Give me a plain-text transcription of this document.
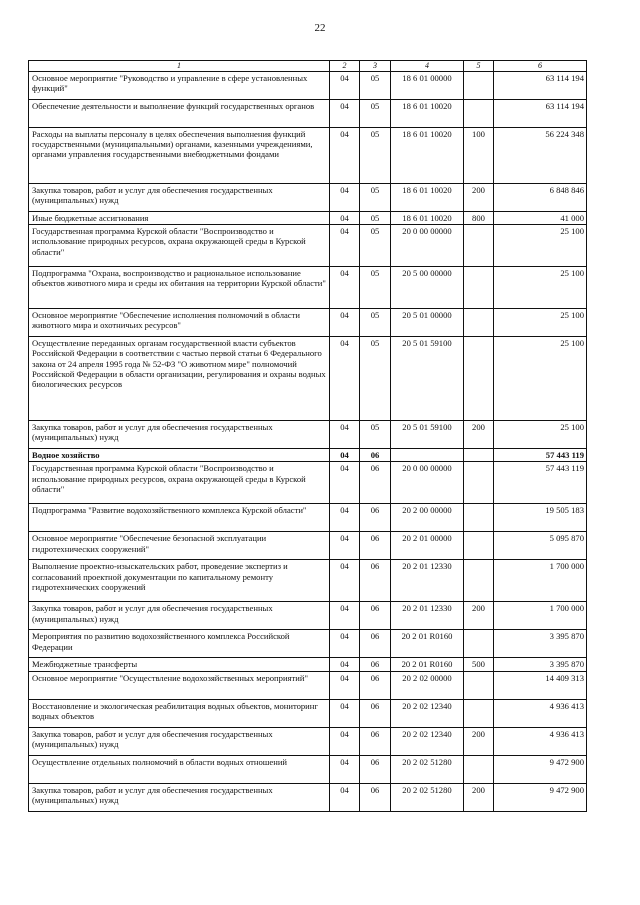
22
1	2	3	4	5	6
Основное мероприятие "Руководство и управление в сфере установленных функций"	04	05	18 6 01 00000		63 114 194
Обеспечение деятельности и выполнение функций государственных органов	04	05	18 6 01 10020		63 114 194
Расходы на выплаты персоналу в целях обеспечения выполнения функций государственными (муниципальными) органами, казенными учреждениями, органами управления государственными внебюджетными фондами	04	05	18 6 01 10020	100	56 224 348
Закупка товаров, работ и услуг для обеспечения государственных (муниципальных) нужд	04	05	18 6 01 10020	200	6 848 846
Иные бюджетные ассигнования	04	05	18 6 01 10020	800	41 000
Государственная программа Курской области "Воспроизводство и использование природных ресурсов, охрана окружающей среды в Курской области"	04	05	20 0 00 00000		25 100
Подпрограмма "Охрана, воспроизводство и рациональное использование объектов животного мира и среды их обитания на территории Курской области"	04	05	20 5 00 00000		25 100
Основное мероприятие "Обеспечение исполнения полномочий в области животного мира и охотничьих ресурсов"	04	05	20 5 01 00000		25 100
Осуществление переданных органам государственной власти субъектов Российской Федерации в соответствии с частью первой статьи 6 Федерального закона от 24 апреля 1995 года № 52-ФЗ "О животном мире" полномочий Российской Федерации в области организации, регулирования и охраны водных биологических ресурсов	04	05	20 5 01 59100		25 100
Закупка товаров, работ и услуг для обеспечения государственных (муниципальных) нужд	04	05	20 5 01 59100	200	25 100
Водное хозяйство	04	06			57 443 119
Государственная программа Курской области "Воспроизводство и использование природных ресурсов, охрана окружающей среды в Курской области"	04	06	20 0 00 00000		57 443 119
Подпрограмма "Развитие водохозяйственного комплекса Курской области"	04	06	20 2 00 00000		19 505 183
Основное мероприятие "Обеспечение безопасной эксплуатации гидротехнических сооружений"	04	06	20 2 01 00000		5 095 870
Выполнение проектно-изыскательских работ, проведение экспертиз и согласований проектной документации по капитальному ремонту гидротехнических сооружений	04	06	20 2 01 12330		1 700 000
Закупка товаров, работ и услуг для обеспечения государственных (муниципальных) нужд	04	06	20 2 01 12330	200	1 700 000
Мероприятия по развитию водохозяйственного комплекса Российской Федерации	04	06	20 2 01 R0160		3 395 870
Межбюджетные трансферты	04	06	20 2 01 R0160	500	3 395 870
Основное мероприятие "Осуществление водохозяйственных мероприятий"	04	06	20 2 02 00000		14 409 313
Восстановление и экологическая реабилитация водных объектов, мониторинг водных объектов	04	06	20 2 02 12340		4 936 413
Закупка товаров, работ и услуг для обеспечения государственных (муниципальных) нужд	04	06	20 2 02 12340	200	4 936 413
Осуществление отдельных полномочий в области водных отношений	04	06	20 2 02 51280		9 472 900
Закупка товаров, работ и услуг для обеспечения государственных (муниципальных) нужд	04	06	20 2 02 51280	200	9 472 900
